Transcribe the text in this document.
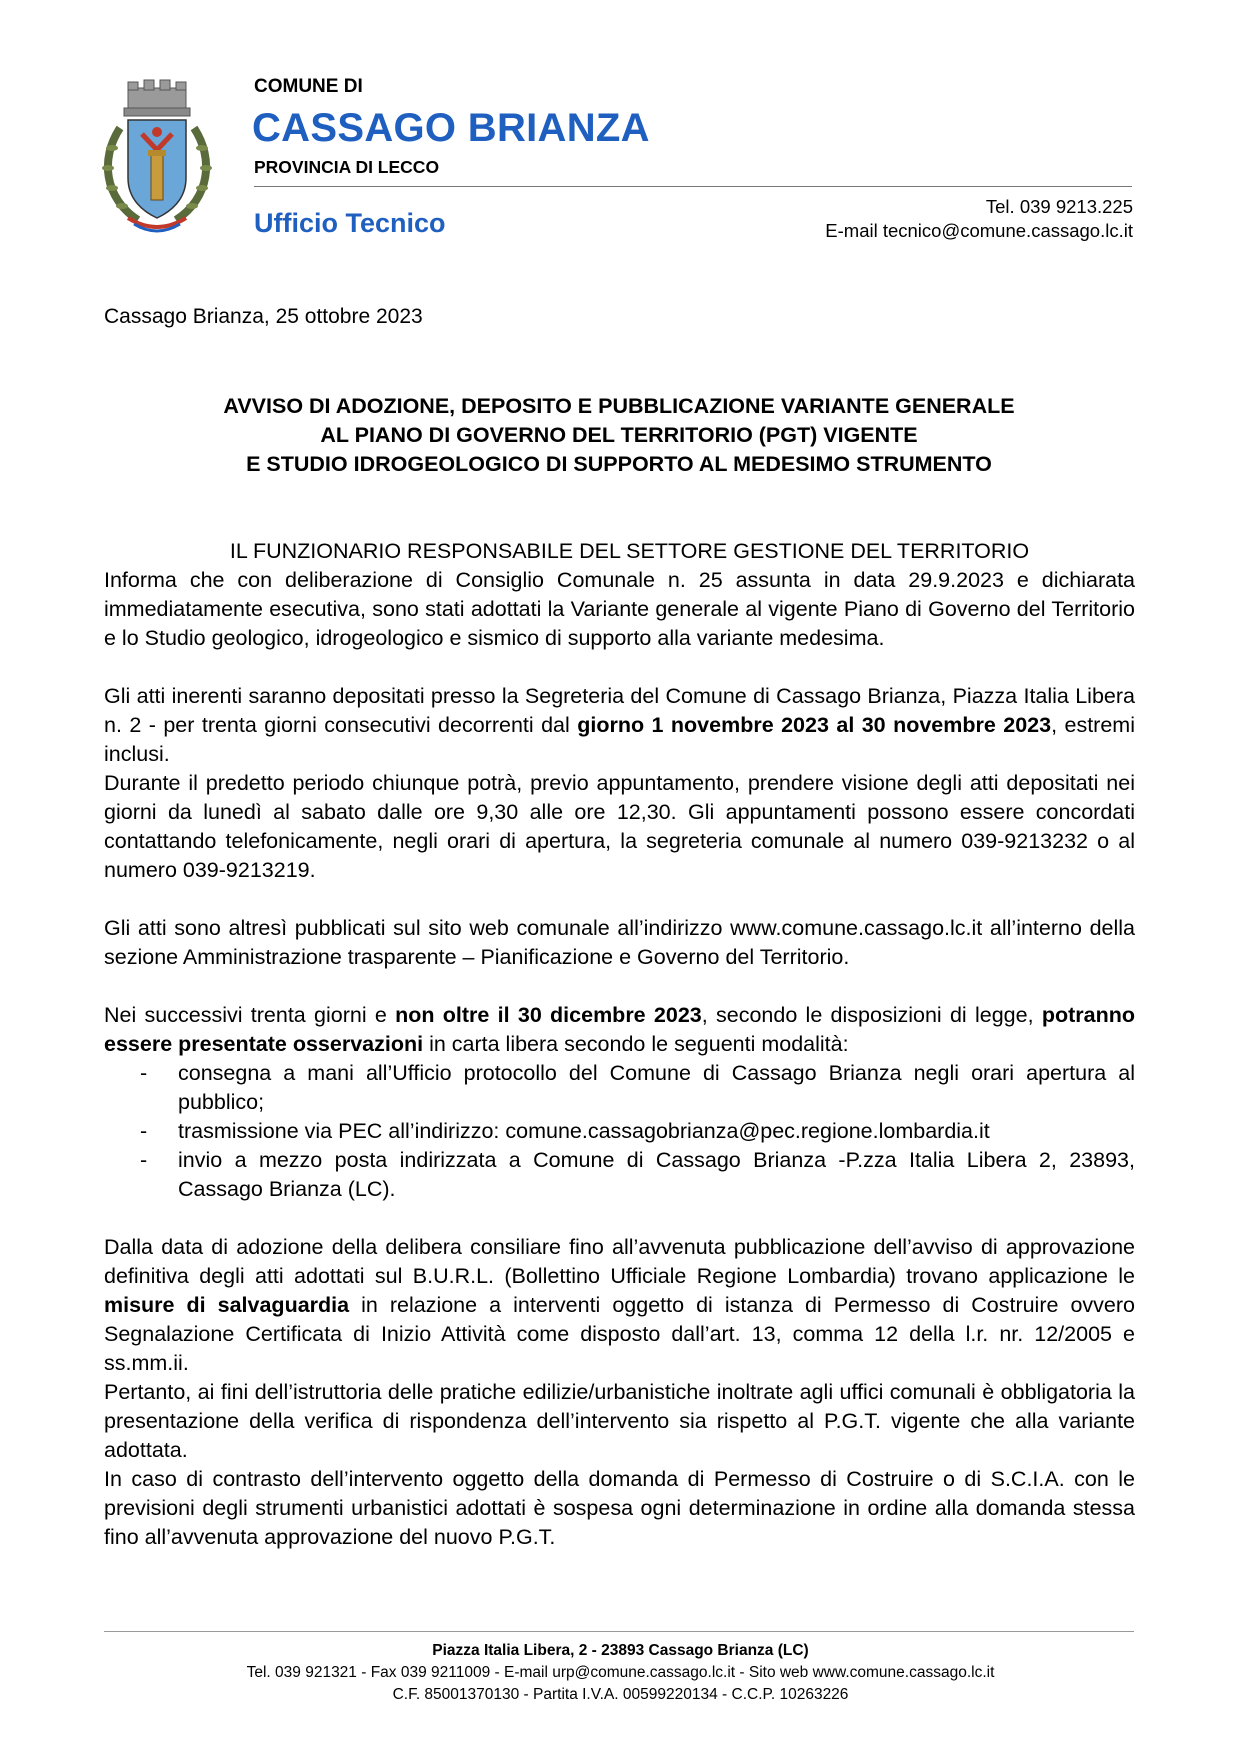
COMUNE DI
CASSAGO BRIANZA
PROVINCIA DI LECCO
Ufficio Tecnico
Tel. 039 9213.225
E-mail tecnico@comune.cassago.lc.it
Cassago Brianza, 25 ottobre 2023
AVVISO DI ADOZIONE, DEPOSITO E PUBBLICAZIONE VARIANTE GENERALE
AL PIANO DI GOVERNO DEL TERRITORIO (PGT) VIGENTE
E STUDIO IDROGEOLOGICO DI SUPPORTO AL MEDESIMO STRUMENTO

IL FUNZIONARIO RESPONSABILE DEL SETTORE GESTIONE DEL TERRITORIO

Informa che con deliberazione di Consiglio Comunale n. 25 assunta in data 29.9.2023 e dichiarata immediatamente esecutiva, sono stati adottati la Variante generale al vigente Piano di Governo del Territorio e lo Studio geologico, idrogeologico e sismico di supporto alla variante medesima.

Gli atti inerenti saranno depositati presso la Segreteria del Comune di Cassago Brianza, Piazza Italia Libera n. 2 - per trenta giorni consecutivi decorrenti dal giorno 1 novembre 2023 al 30 novembre 2023, estremi inclusi.

Durante il predetto periodo chiunque potrà, previo appuntamento, prendere visione degli atti depositati nei giorni da lunedì al sabato dalle ore 9,30 alle ore 12,30. Gli appuntamenti possono essere concordati contattando telefonicamente, negli orari di apertura, la segreteria comunale al numero 039-9213232 o al numero 039-9213219.

Gli atti sono altresì pubblicati sul sito web comunale all’indirizzo www.comune.cassago.lc.it all’interno della sezione Amministrazione trasparente – Pianificazione e Governo del Territorio.

Nei successivi trenta giorni e non oltre il 30 dicembre 2023, secondo le disposizioni di legge, potranno essere presentate osservazioni in carta libera secondo le seguenti modalità:

- consegna a mani all’Ufficio protocollo del Comune di Cassago Brianza negli orari apertura al pubblico;
- trasmissione via PEC all’indirizzo: comune.cassagobrianza@pec.regione.lombardia.it
- invio a mezzo posta indirizzata a Comune di Cassago Brianza -P.zza Italia Libera 2, 23893, Cassago Brianza (LC).

Dalla data di adozione della delibera consiliare fino all’avvenuta pubblicazione dell’avviso di approvazione definitiva degli atti adottati sul B.U.R.L. (Bollettino Ufficiale Regione Lombardia) trovano applicazione le misure di salvaguardia in relazione a interventi oggetto di istanza di Permesso di Costruire ovvero Segnalazione Certificata di Inizio Attività come disposto dall’art. 13, comma 12 della l.r. nr. 12/2005 e ss.mm.ii.

Pertanto, ai fini dell’istruttoria delle pratiche edilizie/urbanistiche inoltrate agli uffici comunali è obbligatoria la presentazione della verifica di rispondenza dell’intervento sia rispetto al P.G.T. vigente che alla variante adottata.

In caso di contrasto dell’intervento oggetto della domanda di Permesso di Costruire o di S.C.I.A. con le previsioni degli strumenti urbanistici adottati è sospesa ogni determinazione in ordine alla domanda stessa fino all’avvenuta approvazione del nuovo P.G.T.

Piazza Italia Libera, 2 - 23893 Cassago Brianza (LC)
Tel. 039 921321 - Fax 039 9211009 - E-mail urp@comune.cassago.lc.it - Sito web www.comune.cassago.lc.it
C.F. 85001370130 - Partita I.V.A. 00599220134 - C.C.P. 10263226
